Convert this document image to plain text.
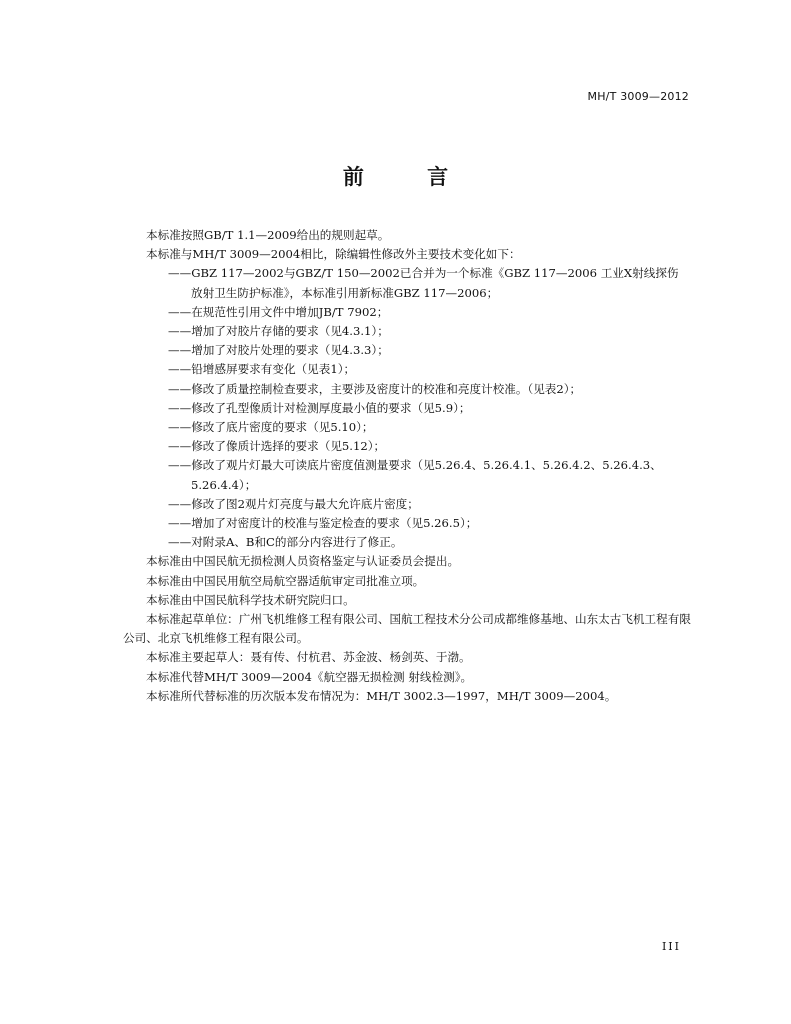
MH/T 3009—2012
前 言
本标准按照GB/T 1.1—2009给出的规则起草。
本标准与MH/T 3009—2004相比，除编辑性修改外主要技术变化如下：
——GBZ 117—2002与GBZ/T 150—2002已合并为一个标准《GBZ 117—2006 工业X射线探伤
放射卫生防护标准》，本标准引用新标准GBZ 117—2006；
——在规范性引用文件中增加JB/T 7902；
——增加了对胶片存储的要求（见4.3.1）；
——增加了对胶片处理的要求（见4.3.3）；
——铅增感屏要求有变化（见表1）；
——修改了质量控制检查要求，主要涉及密度计的校准和亮度计校准。（见表2）；
——修改了孔型像质计对检测厚度最小值的要求（见5.9）；
——修改了底片密度的要求（见5.10）；
——修改了像质计选择的要求（见5.12）；
——修改了观片灯最大可读底片密度值测量要求（见5.26.4、5.26.4.1、5.26.4.2、5.26.4.3、
5.26.4.4）；
——修改了图2观片灯亮度与最大允许底片密度；
——增加了对密度计的校准与鉴定检查的要求（见5.26.5）；
——对附录A、B和C的部分内容进行了修正。
本标准由中国民航无损检测人员资格鉴定与认证委员会提出。
本标准由中国民用航空局航空器适航审定司批准立项。
本标准由中国民航科学技术研究院归口。
本标准起草单位：广州飞机维修工程有限公司、国航工程技术分公司成都维修基地、山东太古飞机工程有限公司、北京飞机维修工程有限公司。
本标准主要起草人：聂有传、付杭君、苏金波、杨剑英、于渤。
本标准代替MH/T 3009—2004《航空器无损检测 射线检测》。
本标准所代替标准的历次版本发布情况为：MH/T 3002.3—1997，MH/T 3009—2004。
III
